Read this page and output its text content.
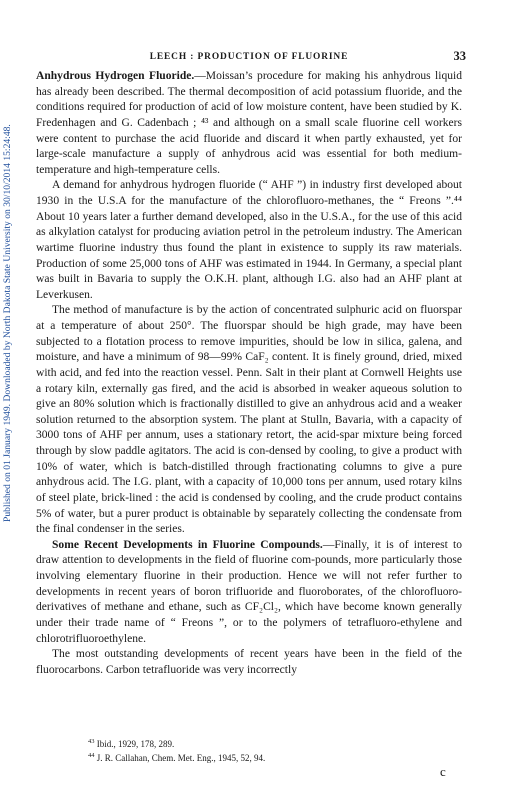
Published on 01 January 1949. Downloaded by North Dakota State University on 30/10/2014 15:24:48.
LEECH : PRODUCTION OF FLUORINE	33

Anhydrous Hydrogen Fluoride.—Moissan’s procedure for making his anhydrous liquid has already been described. The thermal decomposition of acid potassium fluoride, and the conditions required for production of acid of low moisture content, have been studied by K. Fredenhagen and G. Cadenbach ; ⁴³ and although on a small scale fluorine cell workers were content to purchase the acid fluoride and discard it when partly exhausted, yet for large-scale manufacture a supply of anhydrous acid was essential for both medium-temperature and high-temperature cells.

A demand for anhydrous hydrogen fluoride (“ AHF ”) in industry first developed about 1930 in the U.S.A for the manufacture of the chlorofluoro-methanes, the “ Freons ”.⁴⁴ About 10 years later a further demand developed, also in the U.S.A., for the use of this acid as alkylation catalyst for producing aviation petrol in the petroleum industry. The American wartime fluorine industry thus found the plant in existence to supply its raw materials. Production of some 25,000 tons of AHF was estimated in 1944. In Germany, a special plant was built in Bavaria to supply the O.K.H. plant, although I.G. also had an AHF plant at Leverkusen.

The method of manufacture is by the action of concentrated sulphuric acid on fluorspar at a temperature of about 250°. The fluorspar should be high grade, may have been subjected to a flotation process to remove impurities, should be low in silica, galena, and moisture, and have a minimum of 98—99% CaF₂ content. It is finely ground, dried, mixed with acid, and fed into the reaction vessel. Penn. Salt in their plant at Cornwell Heights use a rotary kiln, externally gas fired, and the acid is absorbed in weaker aqueous solution to give an 80% solution which is fractionally distilled to give an anhydrous acid and a weaker solution returned to the absorption system. The plant at Stulln, Bavaria, with a capacity of 3000 tons of AHF per annum, uses a stationary retort, the acid-spar mixture being forced through by slow paddle agitators. The acid is con-densed by cooling, to give a product with 10% of water, which is batch-distilled through fractionating columns to give a pure anhydrous acid. The I.G. plant, with a capacity of 10,000 tons per annum, used rotary kilns of steel plate, brick-lined : the acid is condensed by cooling, and the crude product contains 5% of water, but a purer product is obtainable by separately collecting the condensate from the final condenser in the series.

Some Recent Developments in Fluorine Compounds.—Finally, it is of interest to draw attention to developments in the field of fluorine com-pounds, more particularly those involving elementary fluorine in their production. Hence we will not refer further to developments in recent years of boron trifluoride and fluoroborates, of the chlorofluoro-derivatives of methane and ethane, such as CF₂Cl₂, which have become known generally under their trade name of “ Freons ”, or to the polymers of tetrafluoro-ethylene and chlorotrifluoroethylene.

The most outstanding developments of recent years have been in the field of the fluorocarbons. Carbon tetrafluoride was very incorrectly

$^{43}$ Ibid., 1929, 178, 289.

$^{44}$ J. R. Callahan, Chem. Met. Eng., 1945, 52, 94.

c
